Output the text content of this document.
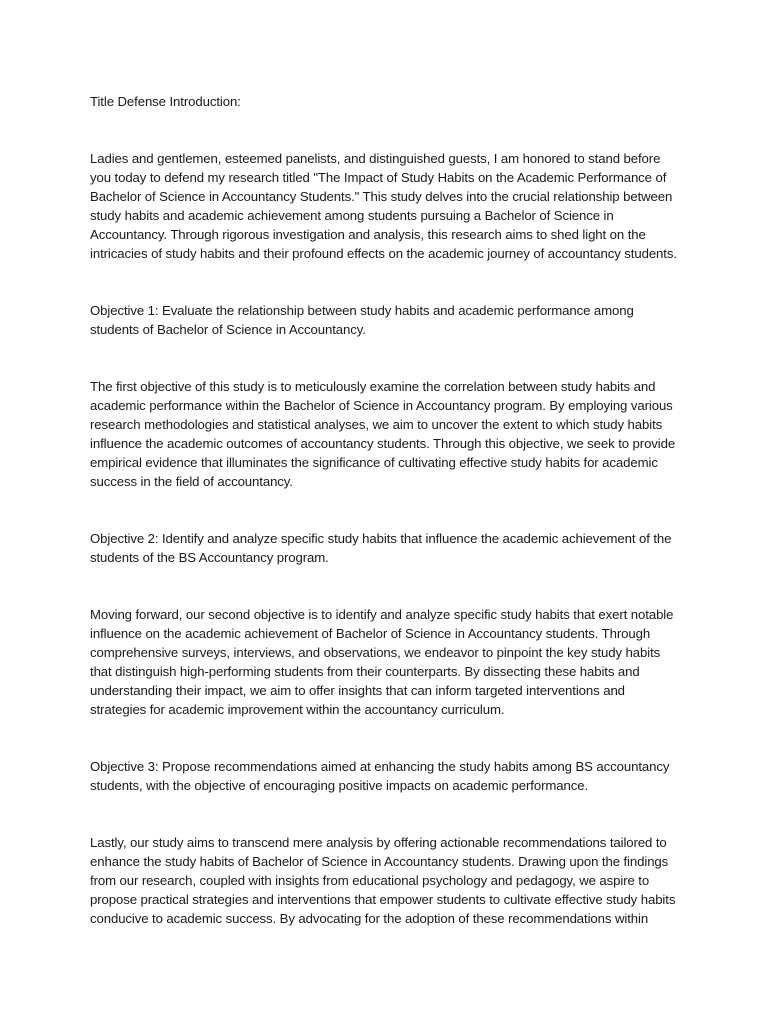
Title Defense Introduction:

Ladies and gentlemen, esteemed panelists, and distinguished guests, I am honored to stand before you today to defend my research titled "The Impact of Study Habits on the Academic Performance of Bachelor of Science in Accountancy Students." This study delves into the crucial relationship between study habits and academic achievement among students pursuing a Bachelor of Science in Accountancy. Through rigorous investigation and analysis, this research aims to shed light on the intricacies of study habits and their profound effects on the academic journey of accountancy students.

Objective 1: Evaluate the relationship between study habits and academic performance among students of Bachelor of Science in Accountancy.

The first objective of this study is to meticulously examine the correlation between study habits and academic performance within the Bachelor of Science in Accountancy program. By employing various research methodologies and statistical analyses, we aim to uncover the extent to which study habits influence the academic outcomes of accountancy students. Through this objective, we seek to provide empirical evidence that illuminates the significance of cultivating effective study habits for academic success in the field of accountancy.

Objective 2: Identify and analyze specific study habits that influence the academic achievement of the students of the BS Accountancy program.

Moving forward, our second objective is to identify and analyze specific study habits that exert notable influence on the academic achievement of Bachelor of Science in Accountancy students. Through comprehensive surveys, interviews, and observations, we endeavor to pinpoint the key study habits that distinguish high-performing students from their counterparts. By dissecting these habits and understanding their impact, we aim to offer insights that can inform targeted interventions and strategies for academic improvement within the accountancy curriculum.

Objective 3: Propose recommendations aimed at enhancing the study habits among BS accountancy students, with the objective of encouraging positive impacts on academic performance.

Lastly, our study aims to transcend mere analysis by offering actionable recommendations tailored to enhance the study habits of Bachelor of Science in Accountancy students. Drawing upon the findings from our research, coupled with insights from educational psychology and pedagogy, we aspire to propose practical strategies and interventions that empower students to cultivate effective study habits conducive to academic success. By advocating for the adoption of these recommendations within
